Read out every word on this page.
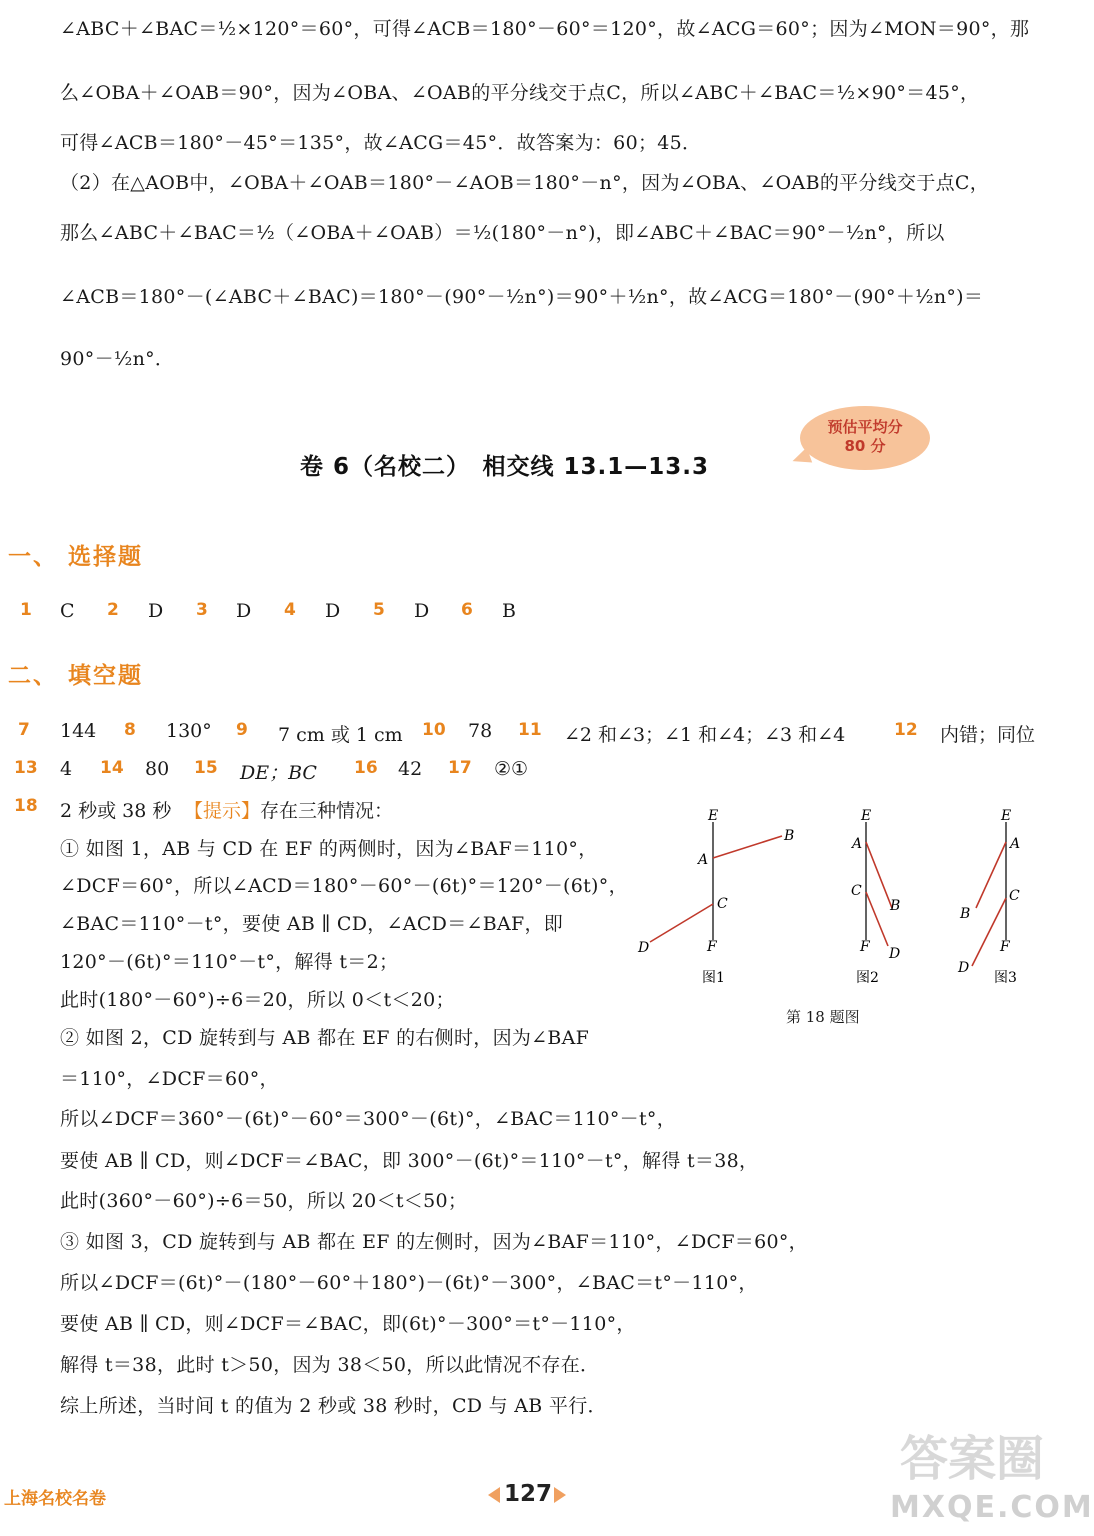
∠ABC＋∠BAC＝½×120°＝60°，可得∠ACB＝180°－60°＝120°，故∠ACG＝60°；因为∠MON＝90°，那
么∠OBA＋∠OAB＝90°，因为∠OBA、∠OAB的平分线交于点C，所以∠ABC＋∠BAC＝½×90°＝45°，
可得∠ACB＝180°－45°＝135°，故∠ACG＝45°．故答案为：60；45．
（2）在△AOB中，∠OBA＋∠OAB＝180°－∠AOB＝180°－n°，因为∠OBA、∠OAB的平分线交于点C，
那么∠ABC＋∠BAC＝½（∠OBA＋∠OAB）＝½(180°－n°)，即∠ABC＋∠BAC＝90°－½n°，所以
∠ACB＝180°－(∠ABC＋∠BAC)＝180°－(90°－½n°)＝90°＋½n°，故∠ACG＝180°－(90°＋½n°)＝
90°－½n°．
预估平均分
80 分
卷 6（名校二）　相交线 13.1—13.3
一、 选择题
1 C 2 D 3 D 4 D 5 D 6 B
二、 填空题
7 144 8 130° 9 7 cm 或 1 cm 10 78 11 ∠2 和∠3；∠1 和∠4；∠3 和∠4	12 内错；同位
13 4 14 80 15 DE；BC 16 42 17 ②①
18 2 秒或 38 秒 【提示】 存在三种情况：
① 如图 1，AB 与 CD 在 EF 的两侧时，因为∠BAF＝110°，
∠DCF＝60°，所以∠ACD＝180°－60°－(6t)°＝120°－(6t)°，
∠BAC＝110°－t°，要使 AB ∥ CD，∠ACD＝∠BAF，即
120°－(6t)°＝110°－t°，解得 t＝2；
此时(180°－60°)÷6＝20，所以 0＜t＜20；
② 如图 2，CD 旋转到与 AB 都在 EF 的右侧时，因为∠BAF
＝110°，∠DCF＝60°，
所以∠DCF＝360°－(6t)°－60°＝300°－(6t)°，∠BAC＝110°－t°，
要使 AB ∥ CD，则∠DCF＝∠BAC，即 300°－(6t)°＝110°－t°，解得 t＝38，
此时(360°－60°)÷6＝50，所以 20＜t＜50；
③ 如图 3，CD 旋转到与 AB 都在 EF 的左侧时，因为∠BAF＝110°，∠DCF＝60°，
所以∠DCF＝(6t)°－(180°－60°＋180°)－(6t)°－300°，∠BAC＝t°－110°，
要使 AB ∥ CD，则∠DCF＝∠BAC，即(6t)°－300°＝t°－110°，
解得 t＝38，此时 t＞50，因为 38＜50，所以此情况不存在．
综上所述，当时间 t 的值为 2 秒或 38 秒时，CD 与 AB 平行．
E
A
B
C
D	F
图1
E
A
C
B
F D
图2
E
A
C
B
F
D
图3
第 18 题图
答案圈
MXQE.COM
上海名校名卷	127
